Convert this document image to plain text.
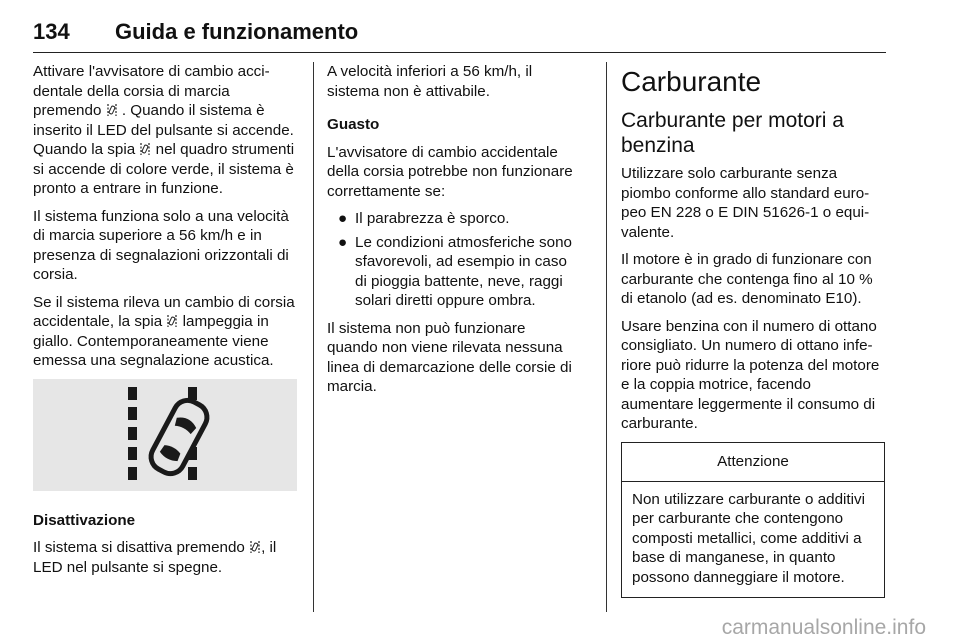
134 Guida e funzionamento

Attivare l'avvisatore di cambio accidentale della corsia di marcia premendo . Quando il sistema è inserito il LED del pulsante si accende. Quando la spia nel quadro strumenti si accende di colore verde, il sistema è pronto a entrare in funzione.

Il sistema funziona solo a una velocità di marcia superiore a 56 km/h e in presenza di segnalazioni orizzontali di corsia.

Se il sistema rileva un cambio di corsia accidentale, la spia lampeggia in giallo. Contemporaneamente viene emessa una segnalazione acustica.

Disattivazione

Il sistema si disattiva premendo , il LED nel pulsante si spegne.

A velocità inferiori a 56 km/h, il sistema non è attivabile.

Guasto

L'avvisatore di cambio accidentale della corsia potrebbe non funzionare correttamente se:

● Il parabrezza è sporco.
● Le condizioni atmosferiche sono sfavorevoli, ad esempio in caso di pioggia battente, neve, raggi solari diretti oppure ombra.

Il sistema non può funzionare quando non viene rilevata nessuna linea di demarcazione delle corsie di marcia.

Carburante
Carburante per motori a benzina

Utilizzare solo carburante senza piombo conforme allo standard europeo EN 228 o E DIN 51626-1 o equivalente.

Il motore è in grado di funzionare con carburante che contenga fino al 10 % di etanolo (ad es. denominato E10).

Usare benzina con il numero di ottano consigliato. Un numero di ottano inferiore può ridurre la potenza del motore e la coppia motrice, facendo aumentare leggermente il consumo di carburante.

Attenzione
Non utilizzare carburante o additivi per carburante che contengono composti metallici, come additivi a base di manganese, in quanto possono danneggiare il motore.
carmanualsonline.info
